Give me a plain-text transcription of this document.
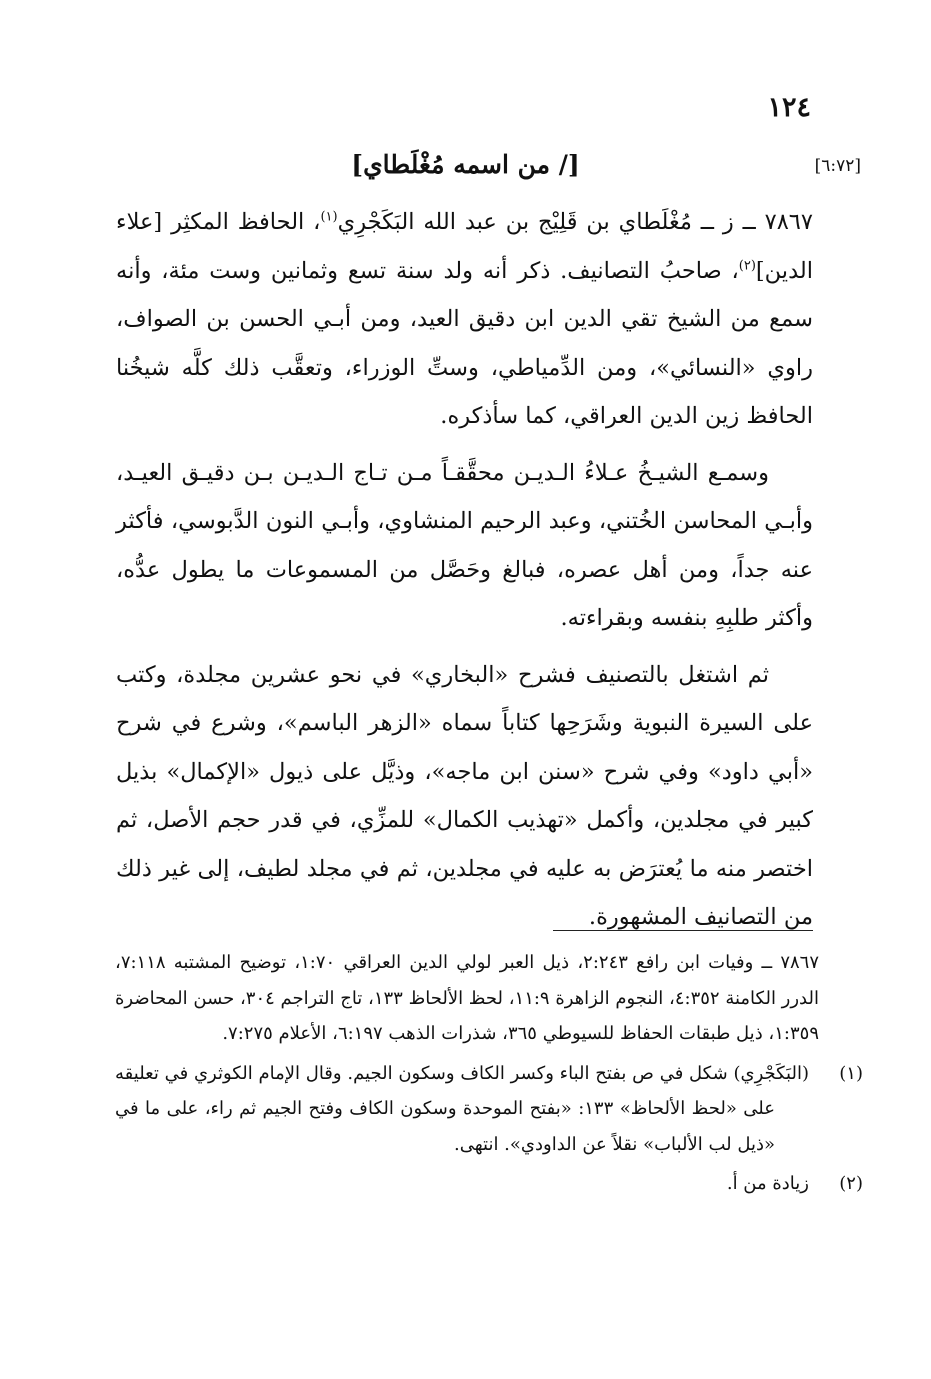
١٢٤
[٦:٧٢]
[/ من اسمه مُغْلَطاي]

٧٨٦٧ ــ ز ــ مُغْلَطاي بن قَلِيْج بن عبد الله البَكَجْرِي$^{(١)}$، الحافظ المكثِر [علاء الدين]$^{(٢)}$، صاحبُ التصانيف. ذكر أنه ولد سنة تسع وثمانين وست مئة، وأنه سمع من الشيخ تقي الدين ابن دقيق العيد، ومن أبـي الحسن بن الصواف، راوي «النسائي»، ومن الدِّمياطي، وستِّ الوزراء، وتعقَّب ذلك كلَّه شيخُنا الحافظ زين الدين العراقي، كما سأذكره.

وسمـع الشيـخُ عـلاءُ الـديـن محقَّقـاً مـن تـاج الـديـن بـن دقيـق العيـد، وأبـي المحاسن الخُتني، وعبد الرحيم المنشاوي، وأبـي النون الدَّبوسي، فأكثر عنه جداً، ومن أهل عصره، فبالغ وحَصَّل من المسموعات ما يطول عدُّه، وأكثر طلبِهِ بنفسه وبقراءته.

ثم اشتغل بالتصنيف فشرح «البخاري» في نحو عشرين مجلدة، وكتب على السيرة النبوية وشَرَحِها كتاباً سماه «الزهر الباسم»، وشرع في شرح «أبي داود» وفي شرح «سنن ابن ماجه»، وذيَّل على ذيول «الإكمال» بذيل كبير في مجلدين، وأكمل «تهذيب الكمال» للمزِّي، في قدر حجم الأصل، ثم اختصر منه ما يُعترَض به عليه في مجلدين، ثم في مجلد لطيف، إلى غير ذلك من التصانيف المشهورة.

٧٨٦٧ ــ وفيات ابن رافع ٢:٢٤٣، ذيل العبر لولي الدين العراقي ١:٧٠، توضيح المشتبه ٧:١١٨، الدرر الكامنة ٤:٣٥٢، النجوم الزاهرة ١١:٩، لحظ الألحاظ ١٣٣، تاج التراجم ٣٠٤، حسن المحاضرة ١:٣٥٩، ذيل طبقات الحفاظ للسيوطي ٣٦٥، شذرات الذهب ٦:١٩٧، الأعلام ٧:٢٧٥.

(١)(البَكَجْرِي) شكل في ص بفتح الباء وكسر الكاف وسكون الجيم. وقال الإمام الكوثري في تعليقه على «لحظ الألحاظ» ١٣٣: «بفتح الموحدة وسكون الكاف وفتح الجيم ثم راء، على ما في «ذيل لب الألباب» نقلاً عن الداودي». انتهى.

(٢)زيادة من أ.
